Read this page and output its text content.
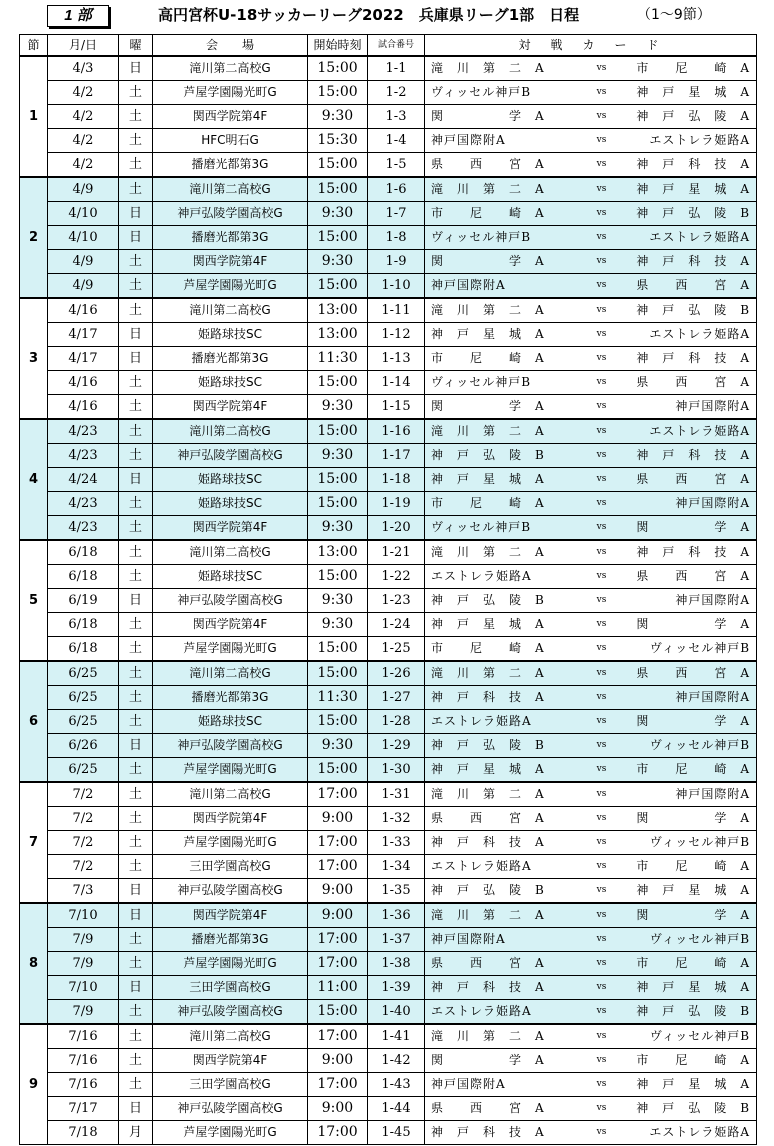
1 部	高円宮杯U-18サッカーリーグ2022　兵庫県リーグ1部　日程	（1～9節）
節	月/日	曜	会　　場	開始時刻	試合番号	対　戦　カ　ー　ド		
1	4/3	日	滝川第二高校G	15:00	1-1	滝　川　第　二　A	vs	市　　尼　　崎　A
	4/2	土	芦屋学園陽光町G	15:00	1-2	ヴィッセル神戸B	vs	神　戸　星　城　A
	4/2	土	関西学院第4F	9:30	1-3	関　　　　　学　A	vs	神　戸　弘　陵　A
	4/2	土	HFC明石G	15:30	1-4	神戸国際附A	vs	エストレラ姫路A
	4/2	土	播磨光都第3G	15:00	1-5	県　　西　　宮　A	vs	神　戸　科　技　A
2	4/9	土	滝川第二高校G	15:00	1-6	滝　川　第　二　A	vs	神　戸　星　城　A
	4/10	日	神戸弘陵学園高校G	9:30	1-7	市　　尼　　崎　A	vs	神　戸　弘　陵　B
	4/10	日	播磨光都第3G	15:00	1-8	ヴィッセル神戸B	vs	エストレラ姫路A
	4/9	土	関西学院第4F	9:30	1-9	関　　　　　学　A	vs	神　戸　科　技　A
	4/9	土	芦屋学園陽光町G	15:00	1-10	神戸国際附A	vs	県　　西　　宮　A
3	4/16	土	滝川第二高校G	13:00	1-11	滝　川　第　二　A	vs	神　戸　弘　陵　B
	4/17	日	姫路球技SC	13:00	1-12	神　戸　星　城　A	vs	エストレラ姫路A
	4/17	日	播磨光都第3G	11:30	1-13	市　　尼　　崎　A	vs	神　戸　科　技　A
	4/16	土	姫路球技SC	15:00	1-14	ヴィッセル神戸B	vs	県　　西　　宮　A
	4/16	土	関西学院第4F	9:30	1-15	関　　　　　学　A	vs	神戸国際附A
4	4/23	土	滝川第二高校G	15:00	1-16	滝　川　第　二　A	vs	エストレラ姫路A
	4/23	土	神戸弘陵学園高校G	9:30	1-17	神　戸　弘　陵　B	vs	神　戸　科　技　A
	4/24	日	姫路球技SC	15:00	1-18	神　戸　星　城　A	vs	県　　西　　宮　A
	4/23	土	姫路球技SC	15:00	1-19	市　　尼　　崎　A	vs	神戸国際附A
	4/23	土	関西学院第4F	9:30	1-20	ヴィッセル神戸B	vs	関　　　　　学　A
5	6/18	土	滝川第二高校G	13:00	1-21	滝　川　第　二　A	vs	神　戸　科　技　A
	6/18	土	姫路球技SC	15:00	1-22	エストレラ姫路A	vs	県　　西　　宮　A
	6/19	日	神戸弘陵学園高校G	9:30	1-23	神　戸　弘　陵　B	vs	神戸国際附A
	6/18	土	関西学院第4F	9:30	1-24	神　戸　星　城　A	vs	関　　　　　学　A
	6/18	土	芦屋学園陽光町G	15:00	1-25	市　　尼　　崎　A	vs	ヴィッセル神戸B
6	6/25	土	滝川第二高校G	15:00	1-26	滝　川　第　二　A	vs	県　　西　　宮　A
	6/25	土	播磨光都第3G	11:30	1-27	神　戸　科　技　A	vs	神戸国際附A
	6/25	土	姫路球技SC	15:00	1-28	エストレラ姫路A	vs	関　　　　　学　A
	6/26	日	神戸弘陵学園高校G	9:30	1-29	神　戸　弘　陵　B	vs	ヴィッセル神戸B
	6/25	土	芦屋学園陽光町G	15:00	1-30	神　戸　星　城　A	vs	市　　尼　　崎　A
7	7/2	土	滝川第二高校G	17:00	1-31	滝　川　第　二　A	vs	神戸国際附A
	7/2	土	関西学院第4F	9:00	1-32	県　　西　　宮　A	vs	関　　　　　学　A
	7/2	土	芦屋学園陽光町G	17:00	1-33	神　戸　科　技　A	vs	ヴィッセル神戸B
	7/2	土	三田学園高校G	17:00	1-34	エストレラ姫路A	vs	市　　尼　　崎　A
	7/3	日	神戸弘陵学園高校G	9:00	1-35	神　戸　弘　陵　B	vs	神　戸　星　城　A
8	7/10	日	関西学院第4F	9:00	1-36	滝　川　第　二　A	vs	関　　　　　学　A
	7/9	土	播磨光都第3G	17:00	1-37	神戸国際附A	vs	ヴィッセル神戸B
	7/9	土	芦屋学園陽光町G	17:00	1-38	県　　西　　宮　A	vs	市　　尼　　崎　A
	7/10	日	三田学園高校G	11:00	1-39	神　戸　科　技　A	vs	神　戸　星　城　A
	7/9	土	神戸弘陵学園高校G	15:00	1-40	エストレラ姫路A	vs	神　戸　弘　陵　B
9	7/16	土	滝川第二高校G	17:00	1-41	滝　川　第　二　A	vs	ヴィッセル神戸B
	7/16	土	関西学院第4F	9:00	1-42	関　　　　　学　A	vs	市　　尼　　崎　A
	7/16	土	三田学園高校G	17:00	1-43	神戸国際附A	vs	神　戸　星　城　A
	7/17	日	神戸弘陵学園高校G	9:00	1-44	県　　西　　宮　A	vs	神　戸　弘　陵　B
	7/18	月	芦屋学園陽光町G	17:00	1-45	神　戸　科　技　A	vs	エストレラ姫路A
